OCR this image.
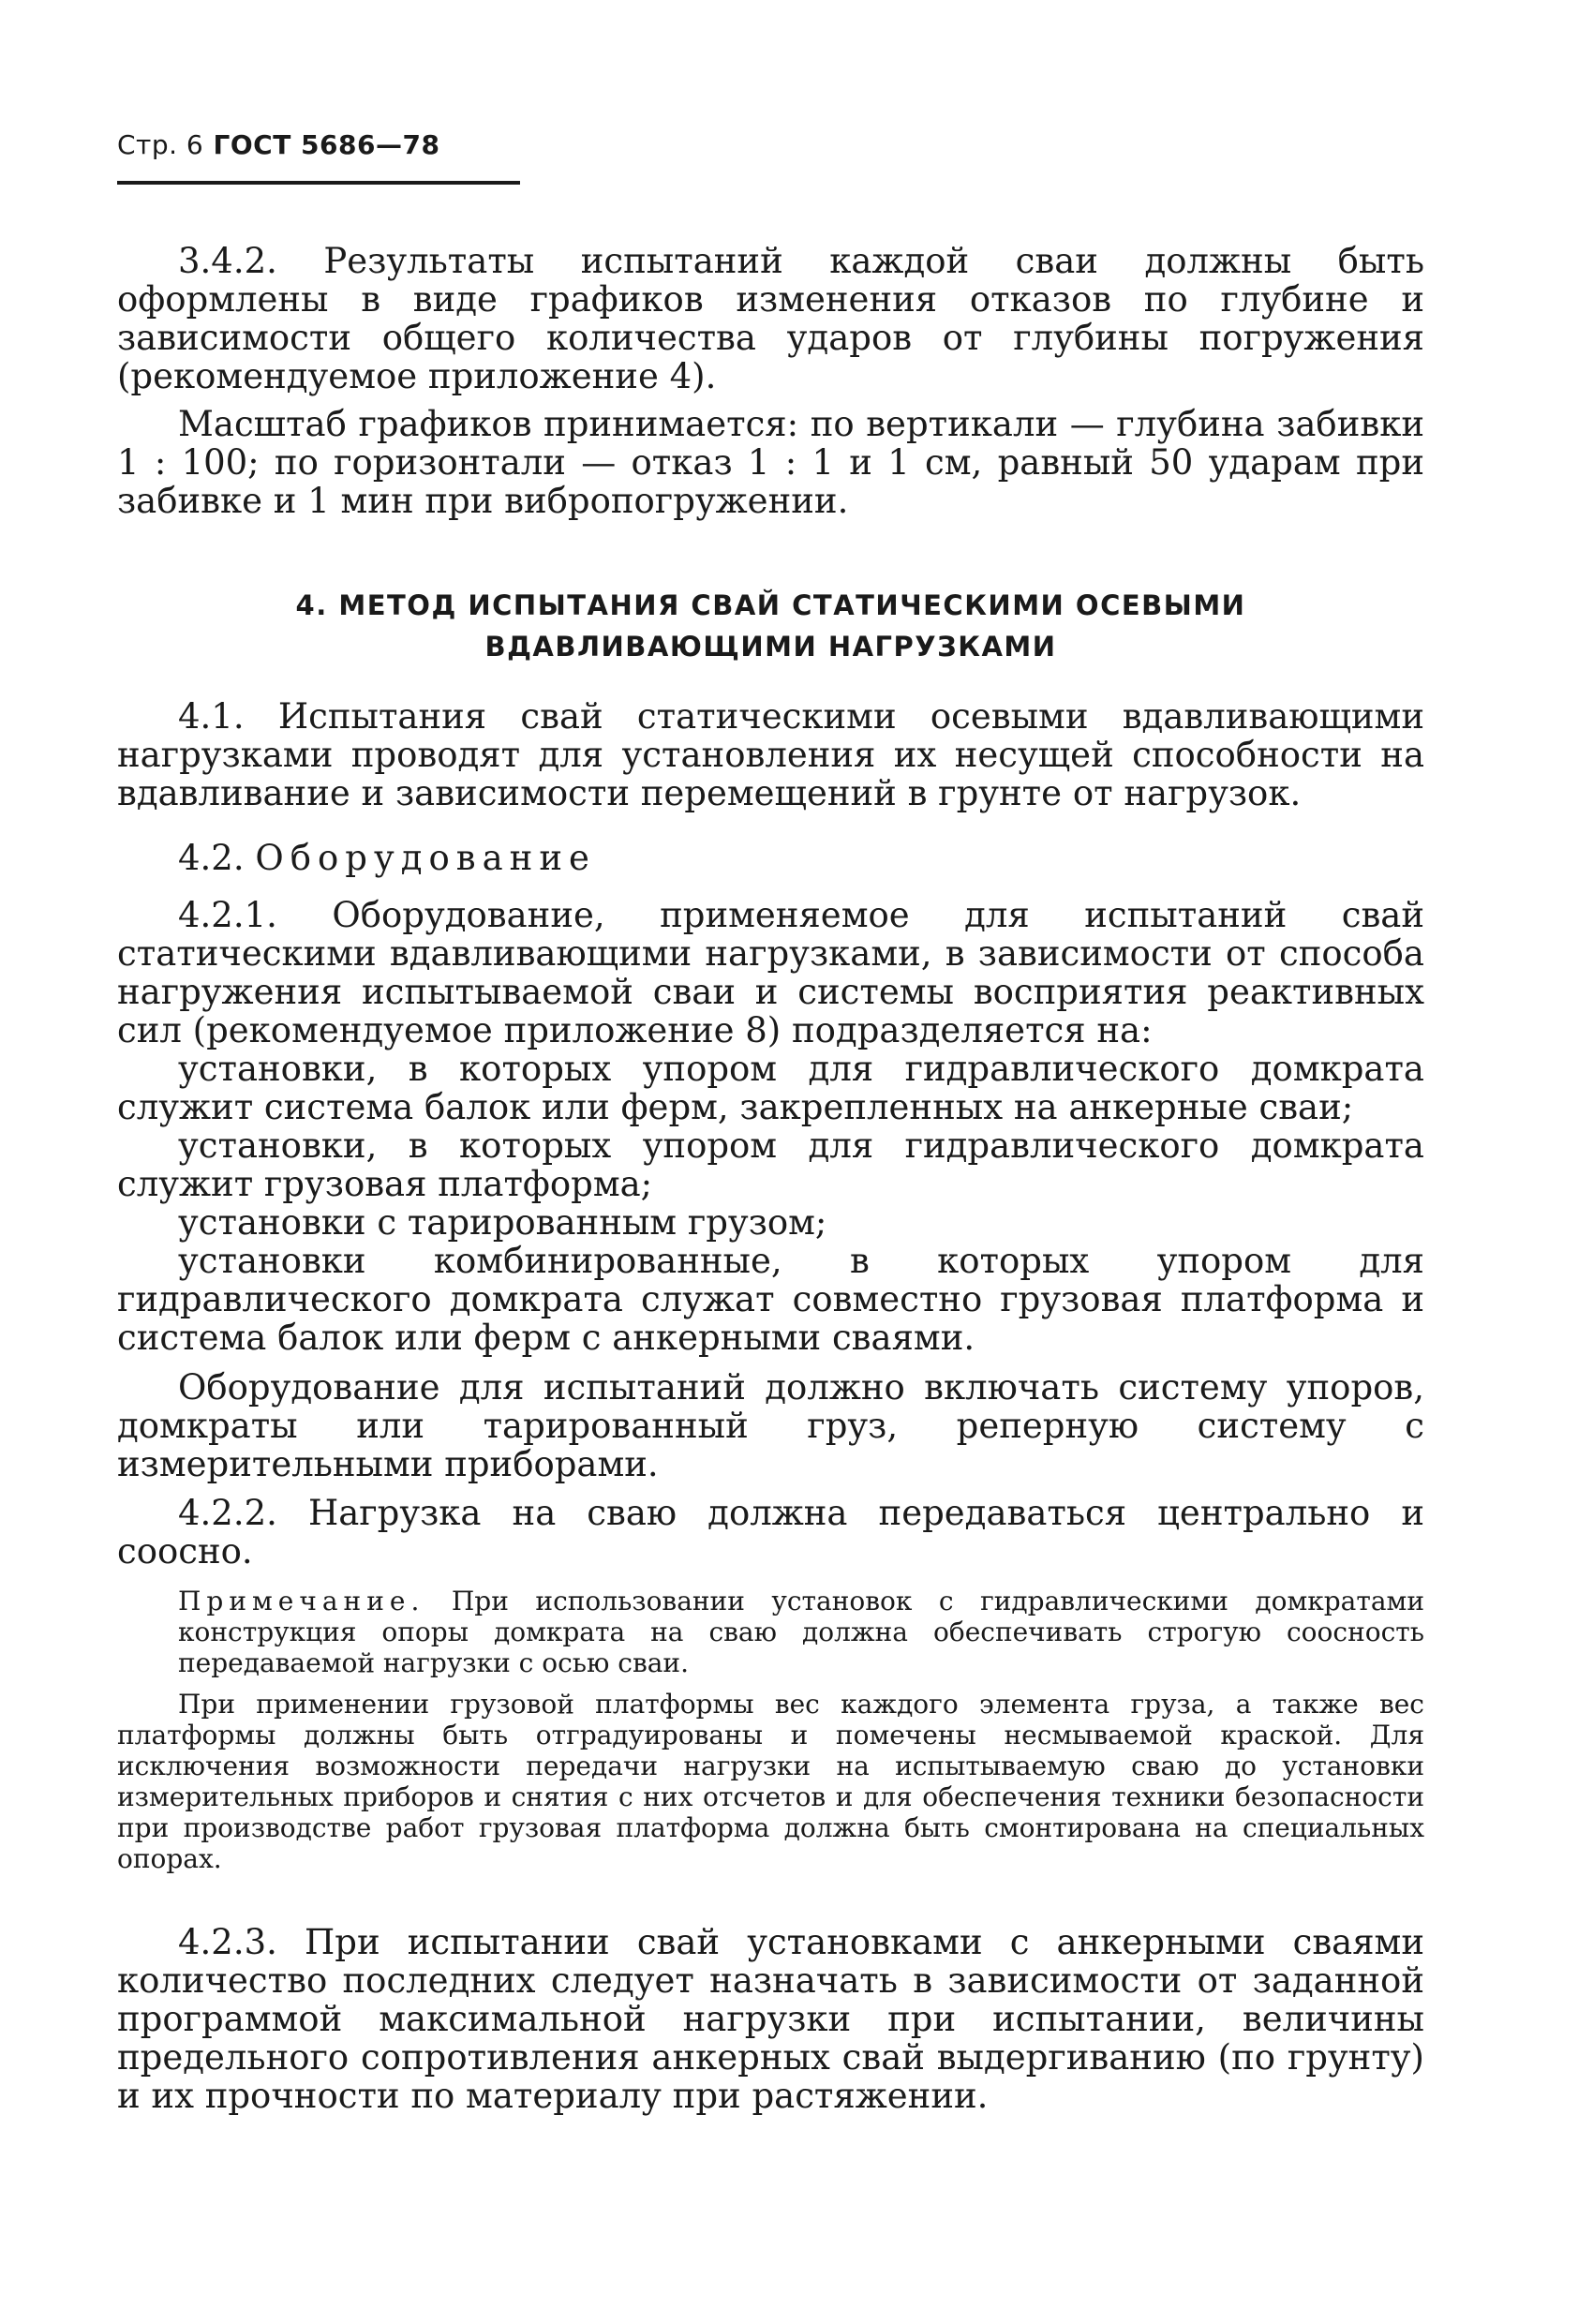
Стр. 6 ГОСТ 5686—78

3.4.2. Результаты испытаний каждой сваи должны быть оформлены в виде графиков изменения отказов по глубине и зависимости общего количества ударов от глубины погружения (рекомендуемое приложение 4).

Масштаб графиков принимается: по вертикали — глубина забивки 1 : 100; по горизонтали — отказ 1 : 1 и 1 см, равный 50 ударам при забивке и 1 мин при вибропогружении.

4. МЕТОД ИСПЫТАНИЯ СВАЙ СТАТИЧЕСКИМИ ОСЕВЫМИ

ВДАВЛИВАЮЩИМИ НАГРУЗКАМИ

4.1. Испытания свай статическими осевыми вдавливающими нагрузками проводят для установления их несущей способности на вдавливание и зависимости перемещений в грунте от нагрузок.

4.2. Оборудование

4.2.1. Оборудование, применяемое для испытаний свай статическими вдавливающими нагрузками, в зависимости от способа нагружения испытываемой сваи и системы восприятия реактивных сил (рекомендуемое приложение 8) подразделяется на:

установки, в которых упором для гидравлического домкрата служит система балок или ферм, закрепленных на анкерные сваи;

установки, в которых упором для гидравлического домкрата служит грузовая платформа;

установки с тарированным грузом;

установки комбинированные, в которых упором для гидравлического домкрата служат совместно грузовая платформа и система балок или ферм с анкерными сваями.

Оборудование для испытаний должно включать систему упоров, домкраты или тарированный груз, реперную систему с измерительными приборами.

4.2.2. Нагрузка на сваю должна передаваться центрально и соосно.

Примечание. При использовании установок с гидравлическими домкратами конструкция опоры домкрата на сваю должна обеспечивать строгую соосность передаваемой нагрузки с осью сваи.

При применении грузовой платформы вес каждого элемента груза, а также вес платформы должны быть отградуированы и помечены несмываемой краской. Для исключения возможности передачи нагрузки на испытываемую сваю до установки измерительных приборов и снятия с них отсчетов и для обеспечения техники безопасности при производстве работ грузовая платформа должна быть смонтирована на специальных опорах.

4.2.3. При испытании свай установками с анкерными сваями количество последних следует назначать в зависимости от заданной программой максимальной нагрузки при испытании, величины предельного сопротивления анкерных свай выдергиванию (по грунту) и их прочности по материалу при растяжении.
